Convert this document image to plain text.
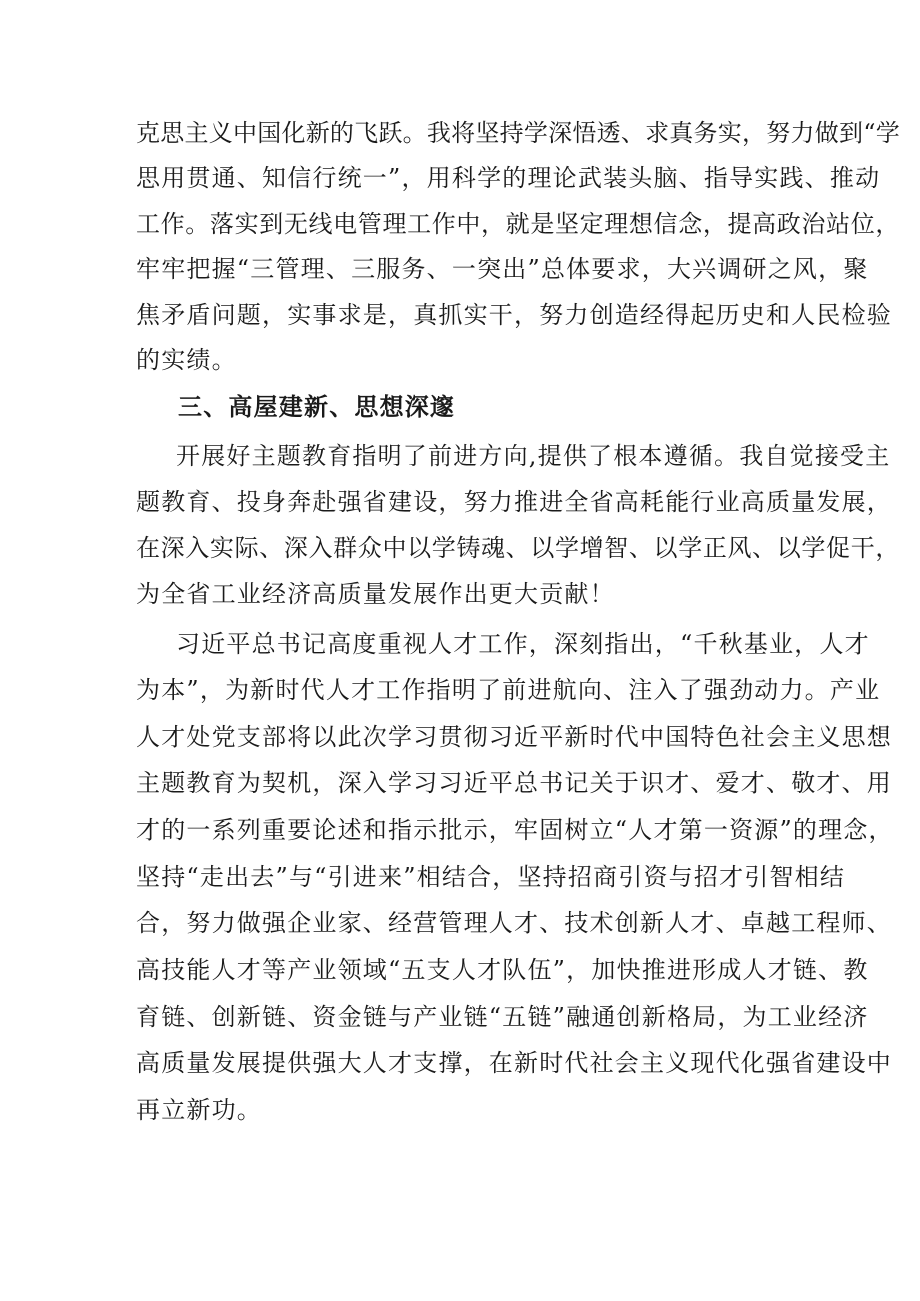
克思主义中国化新的飞跃。我将坚持学深悟透、求真务实，努力做到“学
思用贯通、知信行统一”，用科学的理论武装头脑、指导实践、推动
工作。落实到无线电管理工作中，就是坚定理想信念，提高政治站位，
牢牢把握“三管理、三服务、一突出”总体要求，大兴调研之风，聚
焦矛盾问题，实事求是，真抓实干，努力创造经得起历史和人民检验
的实绩。
三、高屋建新、思想深邃
开展好主题教育指明了前进方向,提供了根本遵循。我自觉接受主
题教育、投身奔赴强省建设，努力推进全省高耗能行业高质量发展，
在深入实际、深入群众中以学铸魂、以学增智、以学正风、以学促干，
为全省工业经济高质量发展作出更大贡献！
习近平总书记高度重视人才工作，深刻指出，“千秋基业，人才
为本”，为新时代人才工作指明了前进航向、注入了强劲动力。产业
人才处党支部将以此次学习贯彻习近平新时代中国特色社会主义思想
主题教育为契机，深入学习习近平总书记关于识才、爱才、敬才、用
才的一系列重要论述和指示批示，牢固树立“人才第一资源”的理念，
坚持“走出去”与“引进来”相结合，坚持招商引资与招才引智相结
合，努力做强企业家、经营管理人才、技术创新人才、卓越工程师、
高技能人才等产业领域“五支人才队伍”，加快推进形成人才链、教
育链、创新链、资金链与产业链“五链”融通创新格局，为工业经济
高质量发展提供强大人才支撑，在新时代社会主义现代化强省建设中
再立新功。
